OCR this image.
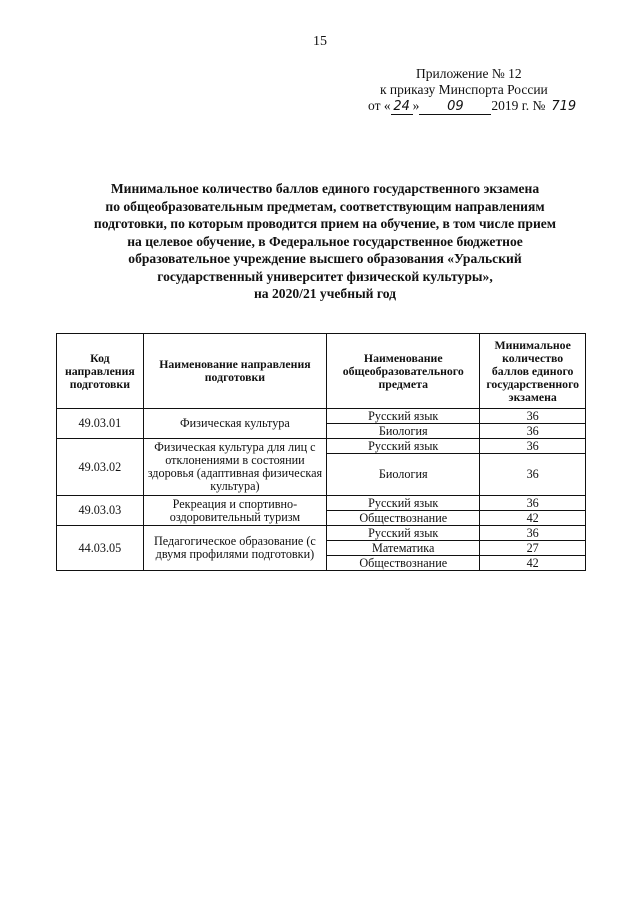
15
Приложение № 12
к приказу Минспорта России
от « 24 » 09 2019 г. № 719
Минимальное количество баллов единого государственного экзамена
по общеобразовательным предметам, соответствующим направлениям
подготовки, по которым проводится прием на обучение, в том числе прием
на целевое обучение, в Федеральное государственное бюджетное
образовательное учреждение высшего образования «Уральский
государственный университет физической культуры»,
на 2020/21 учебный год
Код направления подготовки	Наименование направления подготовки	Наименование общеобразовательного предмета	Минимальное количество баллов единого государственного экзамена
49.03.01	Физическая культура	Русский язык	36
		Биология	36
49.03.02	Физическая культура для лиц с отклонениями в состоянии здоровья (адаптивная физическая культура)	Русский язык	36
		Биология	36
49.03.03	Рекреация и спортивно-оздоровительный туризм	Русский язык	36
		Обществознание	42
44.03.05	Педагогическое образование (с двумя профилями подготовки)	Русский язык	36
		Математика	27
		Обществознание	42
